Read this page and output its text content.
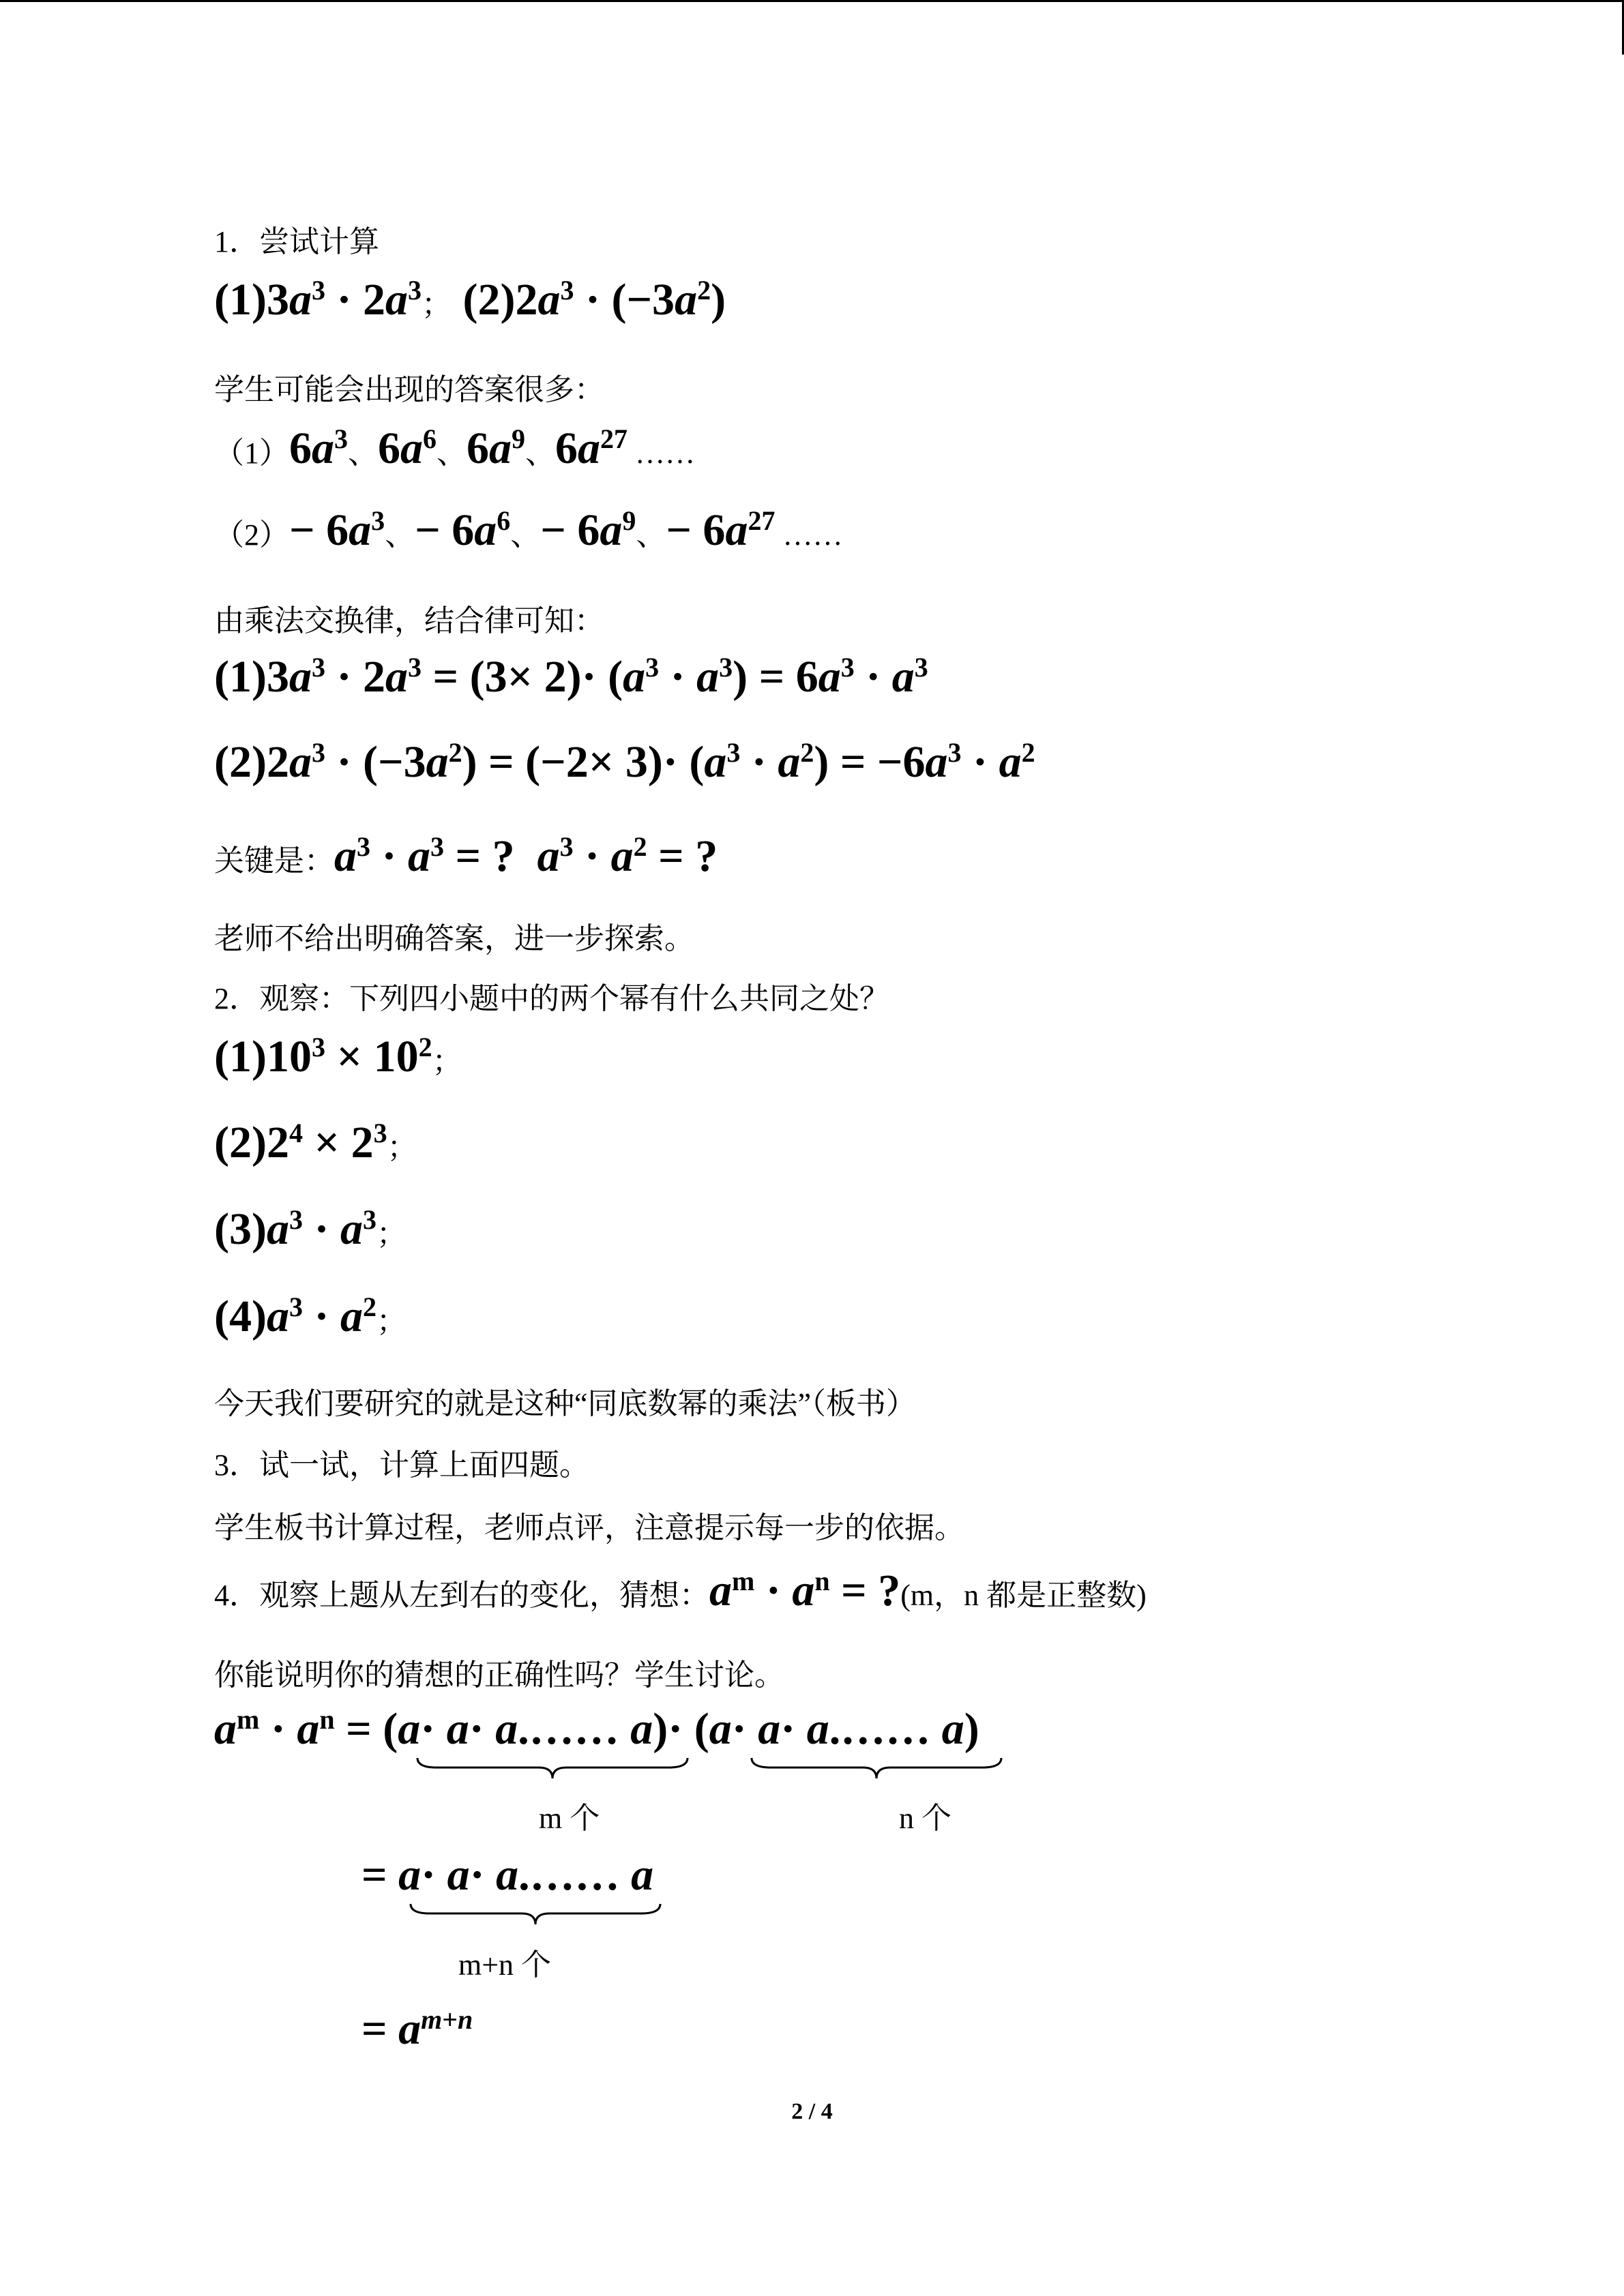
1．尝试计算
$(1)3a^3 \cdot 2a^3$； $(2)2a^3 \cdot (-3a^2)$
学生可能会出现的答案很多：
$(1)6a^3$、$6a^6$、$6a^9$、$6a^{27}$ ……
$(2)- 6a^3$、− $6a^6$、− $6a^9$、− $6a^{27}$ ……
由乘法交换律，结合律可知：
$(1)3a^3 \cdot 2a^3 = (3\times 2)\cdot (a^3 \cdot a^3) = 6a^3 \cdot a^3$
$(2)2a^3 \cdot (-3a^2) = (-2\times 3)\cdot (a^3 \cdot a^2) = -6a^3 \cdot a^2$
关键是：$a^3 \cdot a^3$ = ?  $a^3 \cdot a^2$ = ?
老师不给出明确答案，进一步探索。
2．观察：下列四小题中的两个幂有什么共同之处？
$(1)10^3 \times 10^2$；
$(2)2^4 \times 2^3$；
$(3)a^3 \cdot a^3$；
$(4)a^3 \cdot a^2$；
今天我们要研究的就是这种“同底数幂的乘法”（板书）
3．试一试，计算上面四题。
学生板书计算过程，老师点评，注意提示每一步的依据。
4．观察上题从左到右的变化，猜想：$a^m \cdot a^n$ = ?(m，n 都是正整数)
你能说明你的猜想的正确性吗？学生讨论。
$a^m \cdot a^n = (a\cdot a\cdot$ a.…… a)· (a· a· a.…… a)
m 个	n 个
= a· a· a.…… a
m+n 个
= $a^{m+n}$
2 / 4
